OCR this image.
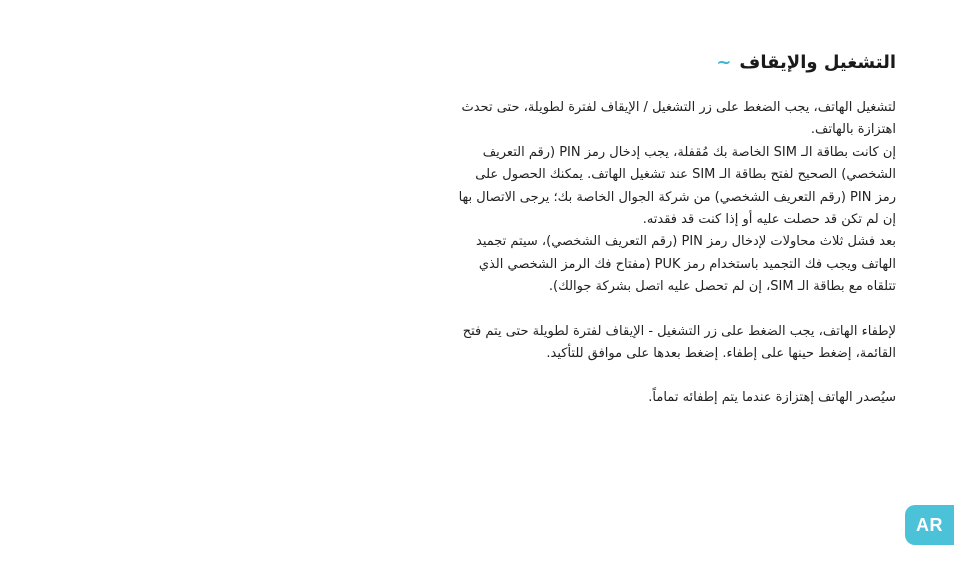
التشغيل والإيقاف
~

لتشغيل الهاتف، يجب الضغط على زر التشغيل / الإيقاف لفترة لطويلة، حتى تحدث اهتزازة بالهاتف.

إن كانت بطاقة الـ SIM الخاصة بك مُقفلة، يجب إدخال رمز PIN (رقم التعريف الشخصي) الصحيح لفتح بطاقة الـ SIM عند تشغيل الهاتف. يمكنك الحصول على رمز PIN (رقم التعريف الشخصي) من شركة الجوال الخاصة بك؛ يرجى الاتصال بها إن لم تكن قد حصلت عليه أو إذا كنت قد فقدته.

بعد فشل ثلاث محاولات لإدخال رمز PIN (رقم التعريف الشخصي)، سيتم تجميد الهاتف ويجب فك التجميد باستخدام رمز PUK (مفتاح فك الرمز الشخصي الذي تتلقاه مع بطاقة الـ SIM، إن لم تحصل عليه اتصل بشركة جوالك).

لإطفاء الهاتف، يجب الضغط على زر التشغيل - الإيقاف لفترة لطويلة حتى يتم فتح القائمة، إضغط حينها على إطفاء. إضغط بعدها على موافق للتأكيد.

سيُصدر الهاتف إهتزازة عندما يتم إطفائه تماماً.

AR
